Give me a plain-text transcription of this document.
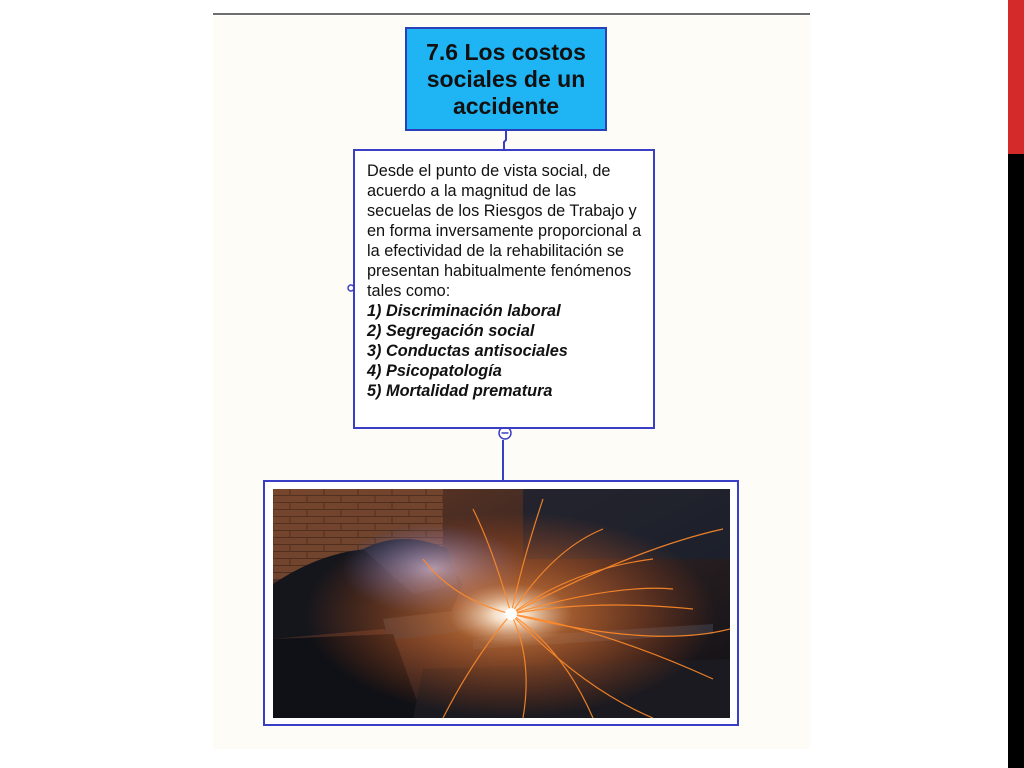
7.6 Los costos sociales de un accidente

Desde el punto de vista social, de acuerdo a la magnitud de las secuelas de los Riesgos de Trabajo y en forma inversamente proporcional a la efectividad de la rehabilitación se presentan habitualmente fenómenos tales como:

1) Discriminación laboral
2) Segregación social
3) Conductas antisociales
4) Psicopatología
5) Mortalidad prematura
